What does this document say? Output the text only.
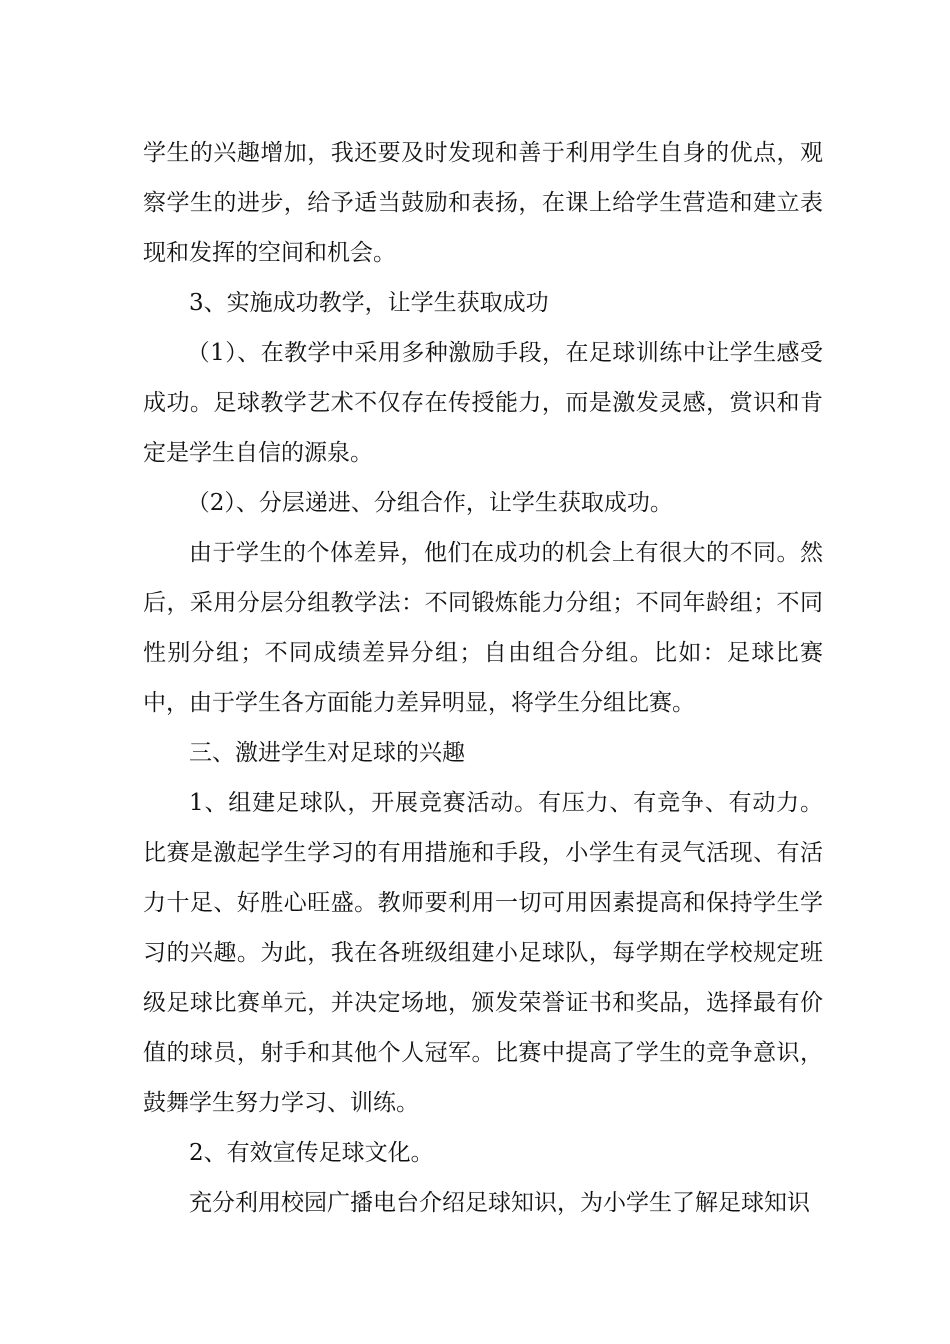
学生的兴趣增加，我还要及时发现和善于利用学生自身的优点，观察学生的进步，给予适当鼓励和表扬，在课上给学生营造和建立表现和发挥的空间和机会。

3、实施成功教学，让学生获取成功

（1）、在教学中采用多种激励手段，在足球训练中让学生感受成功。足球教学艺术不仅存在传授能力，而是激发灵感，赏识和肯定是学生自信的源泉。

（2）、分层递进、分组合作，让学生获取成功。

由于学生的个体差异，他们在成功的机会上有很大的不同。然后，采用分层分组教学法：不同锻炼能力分组；不同年龄组；不同性别分组；不同成绩差异分组；自由组合分组。比如：足球比赛中，由于学生各方面能力差异明显，将学生分组比赛。

三、激进学生对足球的兴趣

1、组建足球队，开展竞赛活动。有压力、有竞争、有动力。比赛是激起学生学习的有用措施和手段，小学生有灵气活现、有活力十足、好胜心旺盛。教师要利用一切可用因素提高和保持学生学习的兴趣。为此，我在各班级组建小足球队，每学期在学校规定班级足球比赛单元，并决定场地，颁发荣誉证书和奖品，选择最有价值的球员，射手和其他个人冠军。比赛中提高了学生的竞争意识，鼓舞学生努力学习、训练。

2、有效宣传足球文化。

充分利用校园广播电台介绍足球知识，为小学生了解足球知识
